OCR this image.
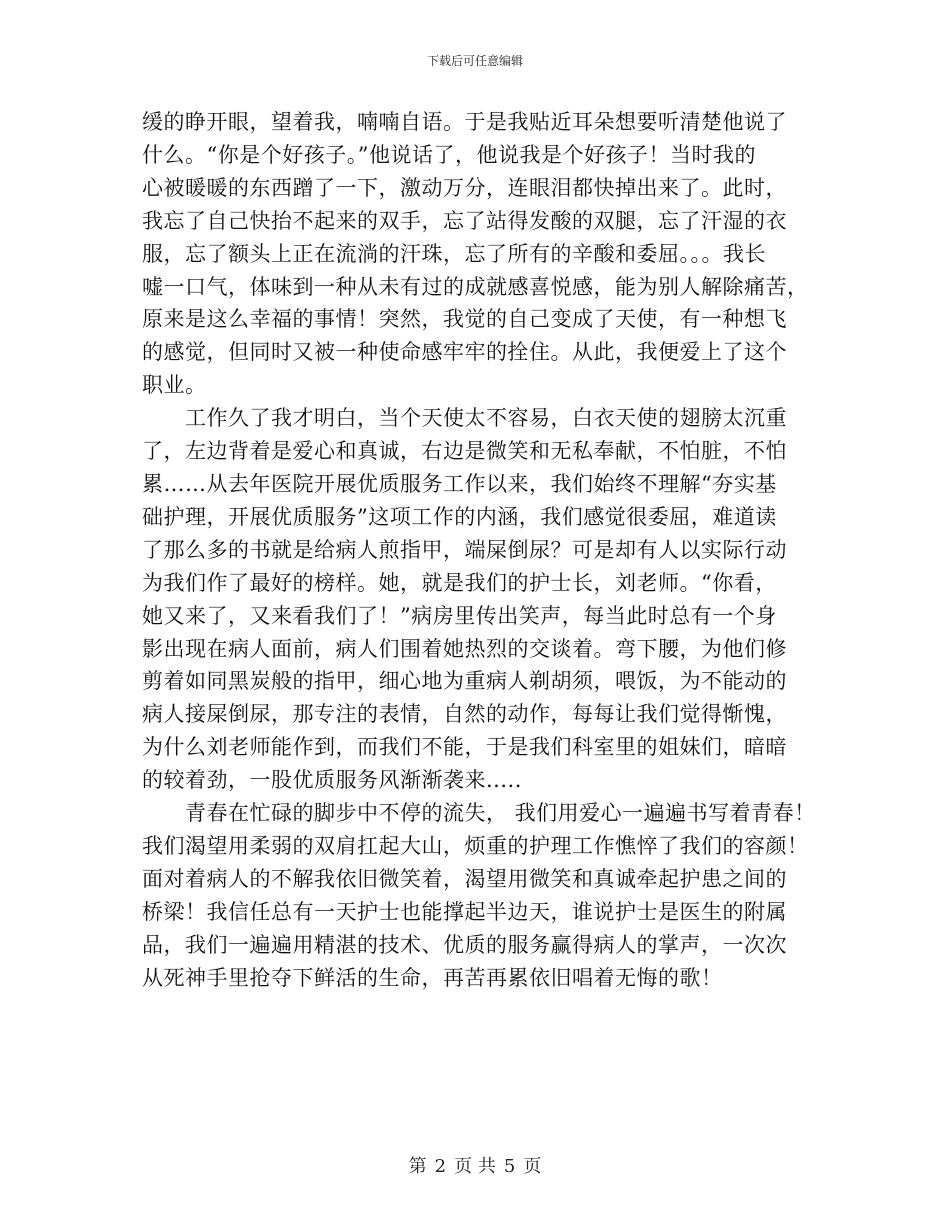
下载后可任意编辑

缓的睁开眼，望着我，喃喃自语。于是我贴近耳朵想要听清楚他说了

什么。“你是个好孩子。”他说话了，他说我是个好孩子！当时我的

心被暖暖的东西蹭了一下，激动万分，连眼泪都快掉出来了。此时，

我忘了自己快抬不起来的双手，忘了站得发酸的双腿，忘了汗湿的衣

服，忘了额头上正在流淌的汗珠，忘了所有的辛酸和委屈。。。我长

嘘一口气，体味到一种从未有过的成就感喜悦感，能为别人解除痛苦，

原来是这么幸福的事情！突然，我觉的自己变成了天使，有一种想飞

的感觉，但同时又被一种使命感牢牢的拴住。从此，我便爱上了这个

职业。

　　工作久了我才明白，当个天使太不容易，白衣天使的翅膀太沉重

了，左边背着是爱心和真诚，右边是微笑和无私奉献，不怕脏，不怕

累……从去年医院开展优质服务工作以来，我们始终不理解“夯实基

础护理，开展优质服务”这项工作的内涵，我们感觉很委屈，难道读

了那么多的书就是给病人煎指甲，端屎倒尿？可是却有人以实际行动

为我们作了最好的榜样。她，就是我们的护士长，刘老师。“你看，

她又来了，又来看我们了！”病房里传出笑声，每当此时总有一个身

影出现在病人面前，病人们围着她热烈的交谈着。弯下腰，为他们修

剪着如同黑炭般的指甲，细心地为重病人剃胡须，喂饭，为不能动的

病人接屎倒尿，那专注的表情，自然的动作，每每让我们觉得惭愧，

为什么刘老师能作到，而我们不能，于是我们科室里的姐妹们，暗暗

的较着劲，一股优质服务风渐渐袭来.....

　　青春在忙碌的脚步中不停的流失， 我们用爱心一遍遍书写着青春！

我们渴望用柔弱的双肩扛起大山，烦重的护理工作憔悴了我们的容颜！

面对着病人的不解我依旧微笑着，渴望用微笑和真诚牵起护患之间的

桥梁！我信任总有一天护士也能撑起半边天，谁说护士是医生的附属

品，我们一遍遍用精湛的技术、优质的服务赢得病人的掌声，一次次

从死神手里抢夺下鲜活的生命，再苦再累依旧唱着无悔的歌！

第 2 页 共 5 页
